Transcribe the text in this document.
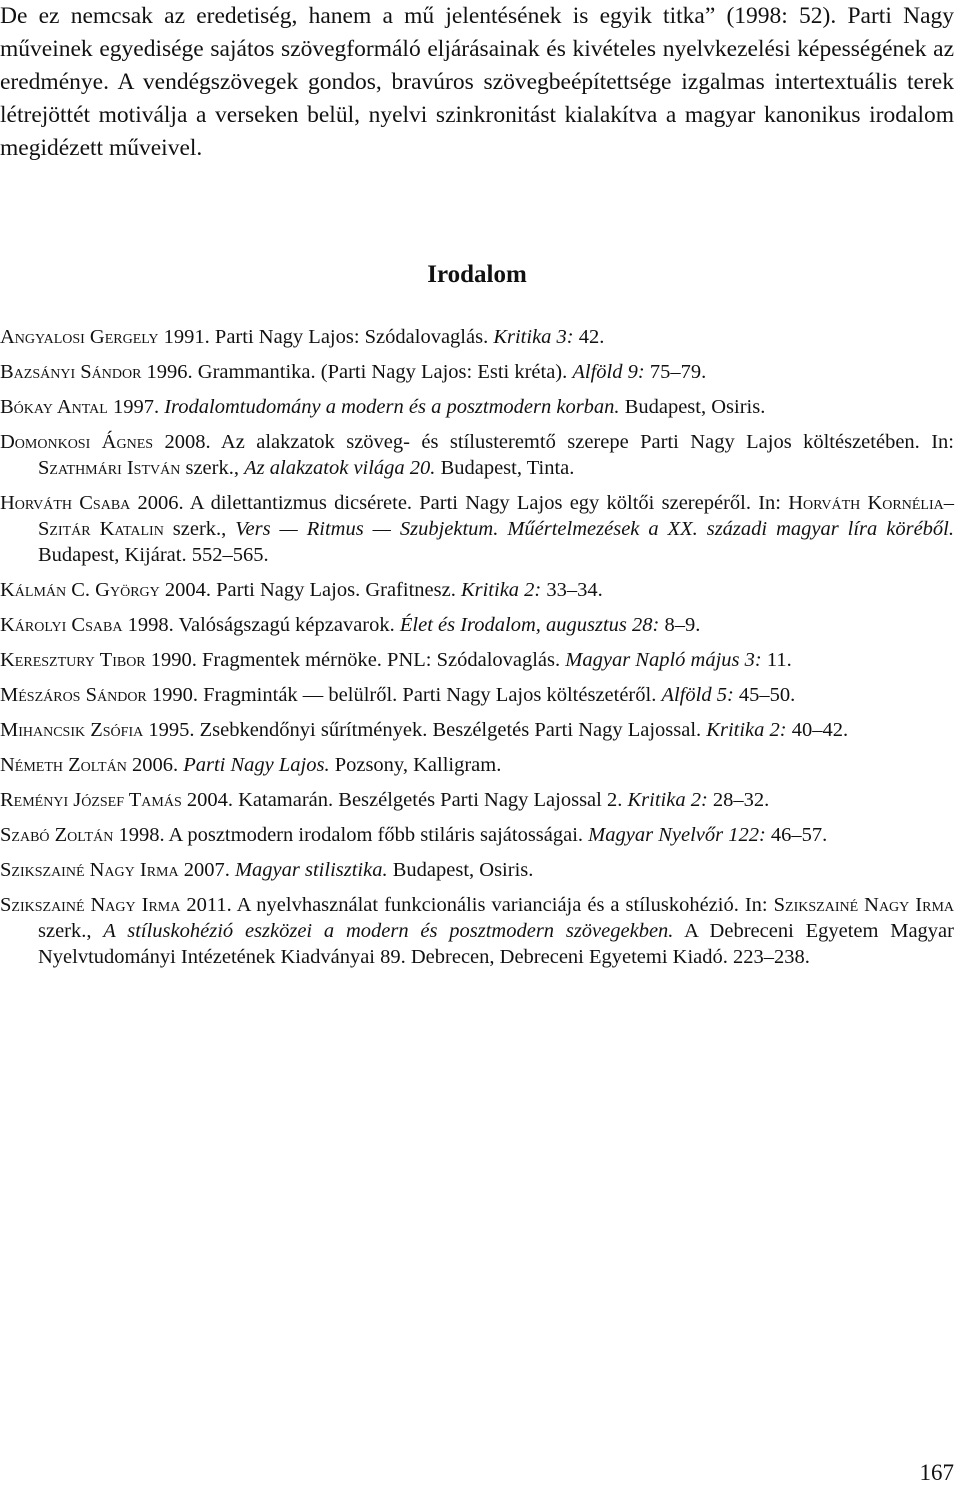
De ez nemcsak az eredetiség, hanem a mű jelentésének is egyik titka” (1998: 52). Parti Nagy műveinek egyedisége sajátos szövegformáló eljárásainak és kivételes nyelvkezelési képességének az eredménye. A vendégszövegek gondos, bravúros szövegbeépítettsége izgalmas intertextuális terek létrejöttét motiválja a verseken belül, nyelvi szinkronitást kialakítva a magyar kanonikus irodalom megidézett műveivel.

Irodalom
Angyalosi Gergely 1991. Parti Nagy Lajos: Szódalovaglás. Kritika 3: 42.
Bazsányi Sándor 1996. Grammantika. (Parti Nagy Lajos: Esti kréta). Alföld 9: 75–79.
Bókay Antal 1997. Irodalomtudomány a modern és a posztmodern korban. Budapest, Osiris.
Domonkosi Ágnes 2008. Az alakzatok szöveg- és stílusteremtő szerepe Parti Nagy Lajos költészetében. In: Szathmári István szerk., Az alakzatok világa 20. Budapest, Tinta.
Horváth Csaba 2006. A dilettantizmus dicsérete. Parti Nagy Lajos egy költői szerepéről. In: Horváth Kornélia–Szitár Katalin szerk., Vers — Ritmus — Szubjektum. Műértelmezések a XX. századi magyar líra köréből. Budapest, Kijárat. 552–565.
Kálmán C. György 2004. Parti Nagy Lajos. Grafitnesz. Kritika 2: 33–34.
Károlyi Csaba 1998. Valóságszagú képzavarok. Élet és Irodalom, augusztus 28: 8–9.
Keresztury Tibor 1990. Fragmentek mérnöke. PNL: Szódalovaglás. Magyar Napló május 3: 11.
Mészáros Sándor 1990. Fragminták — belülről. Parti Nagy Lajos költészetéről. Alföld 5: 45–50.
Mihancsik Zsófia 1995. Zsebkendőnyi sűrítmények. Beszélgetés Parti Nagy Lajossal. Kritika 2: 40–42.
Németh Zoltán 2006. Parti Nagy Lajos. Pozsony, Kalligram.
Reményi József Tamás 2004. Katamarán. Beszélgetés Parti Nagy Lajossal 2. Kritika 2: 28–32.
Szabó Zoltán 1998. A posztmodern irodalom főbb stiláris sajátosságai. Magyar Nyelvőr 122: 46–57.
Szikszainé Nagy Irma 2007. Magyar stilisztika. Budapest, Osiris.
Szikszainé Nagy Irma 2011. A nyelvhasználat funkcionális varianciája és a stíluskohézió. In: Szikszainé Nagy Irma szerk., A stíluskohézió eszközei a modern és posztmodern szövegekben. A Debreceni Egyetem Magyar Nyelvtudományi Intézetének Kiadványai 89. Debrecen, Debreceni Egyetemi Kiadó. 223–238.

167
